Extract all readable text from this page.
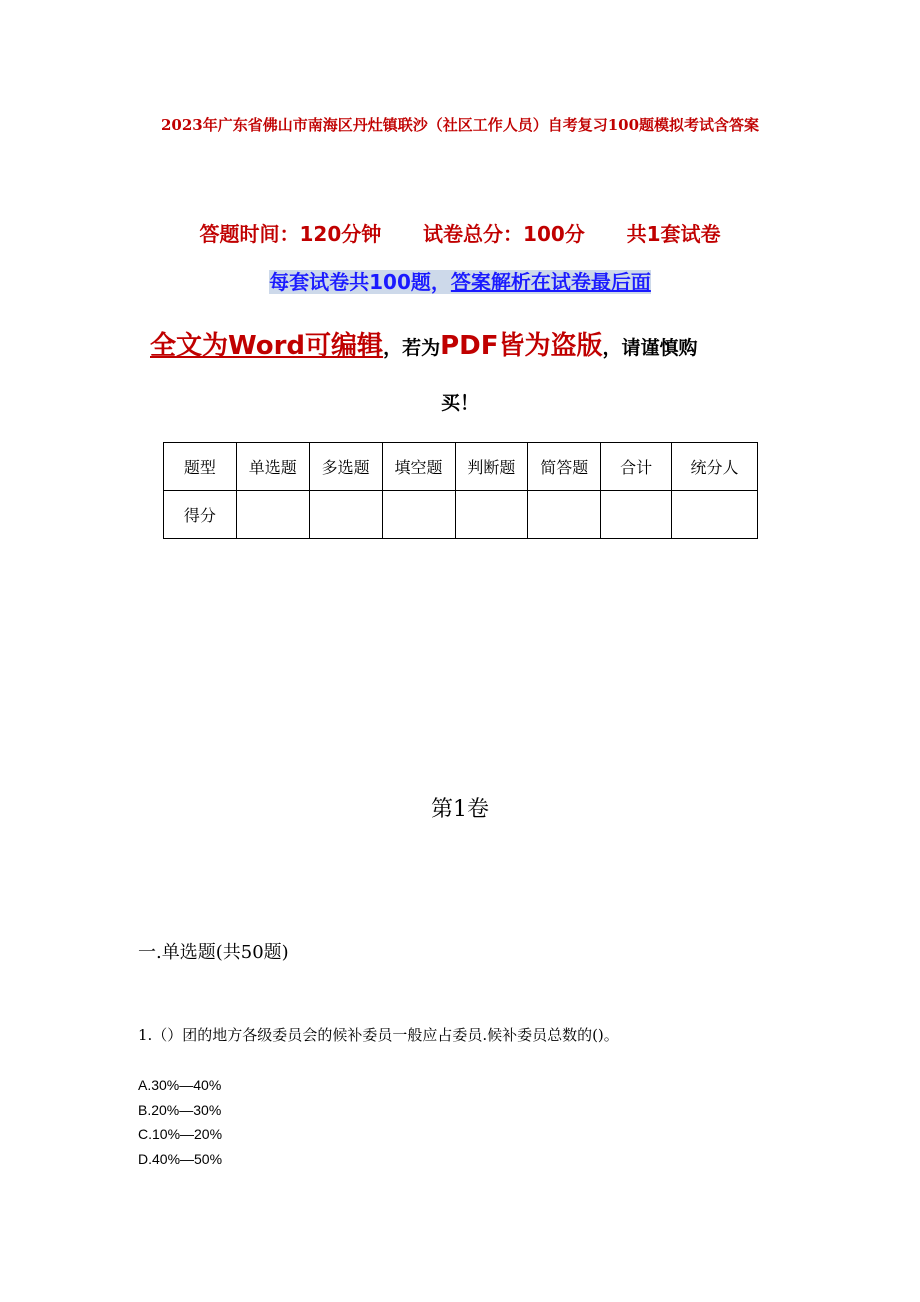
2023年广东省佛山市南海区丹灶镇联沙（社区工作人员）自考复习100题模拟考试含答案
答题时间：120分钟      试卷总分：100分      共1套试卷
每套试卷共100题，答案解析在试卷最后面
全文为Word可编辑，若为PDF皆为盗版，请谨慎购
买！
题型	单选题	多选题	填空题	判断题	简答题	合计	统分人
得分							
第1卷
一.单选题(共50题)
1.（）团的地方各级委员会的候补委员一般应占委员.候补委员总数的()。
A.30%—40%
B.20%—30%
C.10%—20%
D.40%—50%
